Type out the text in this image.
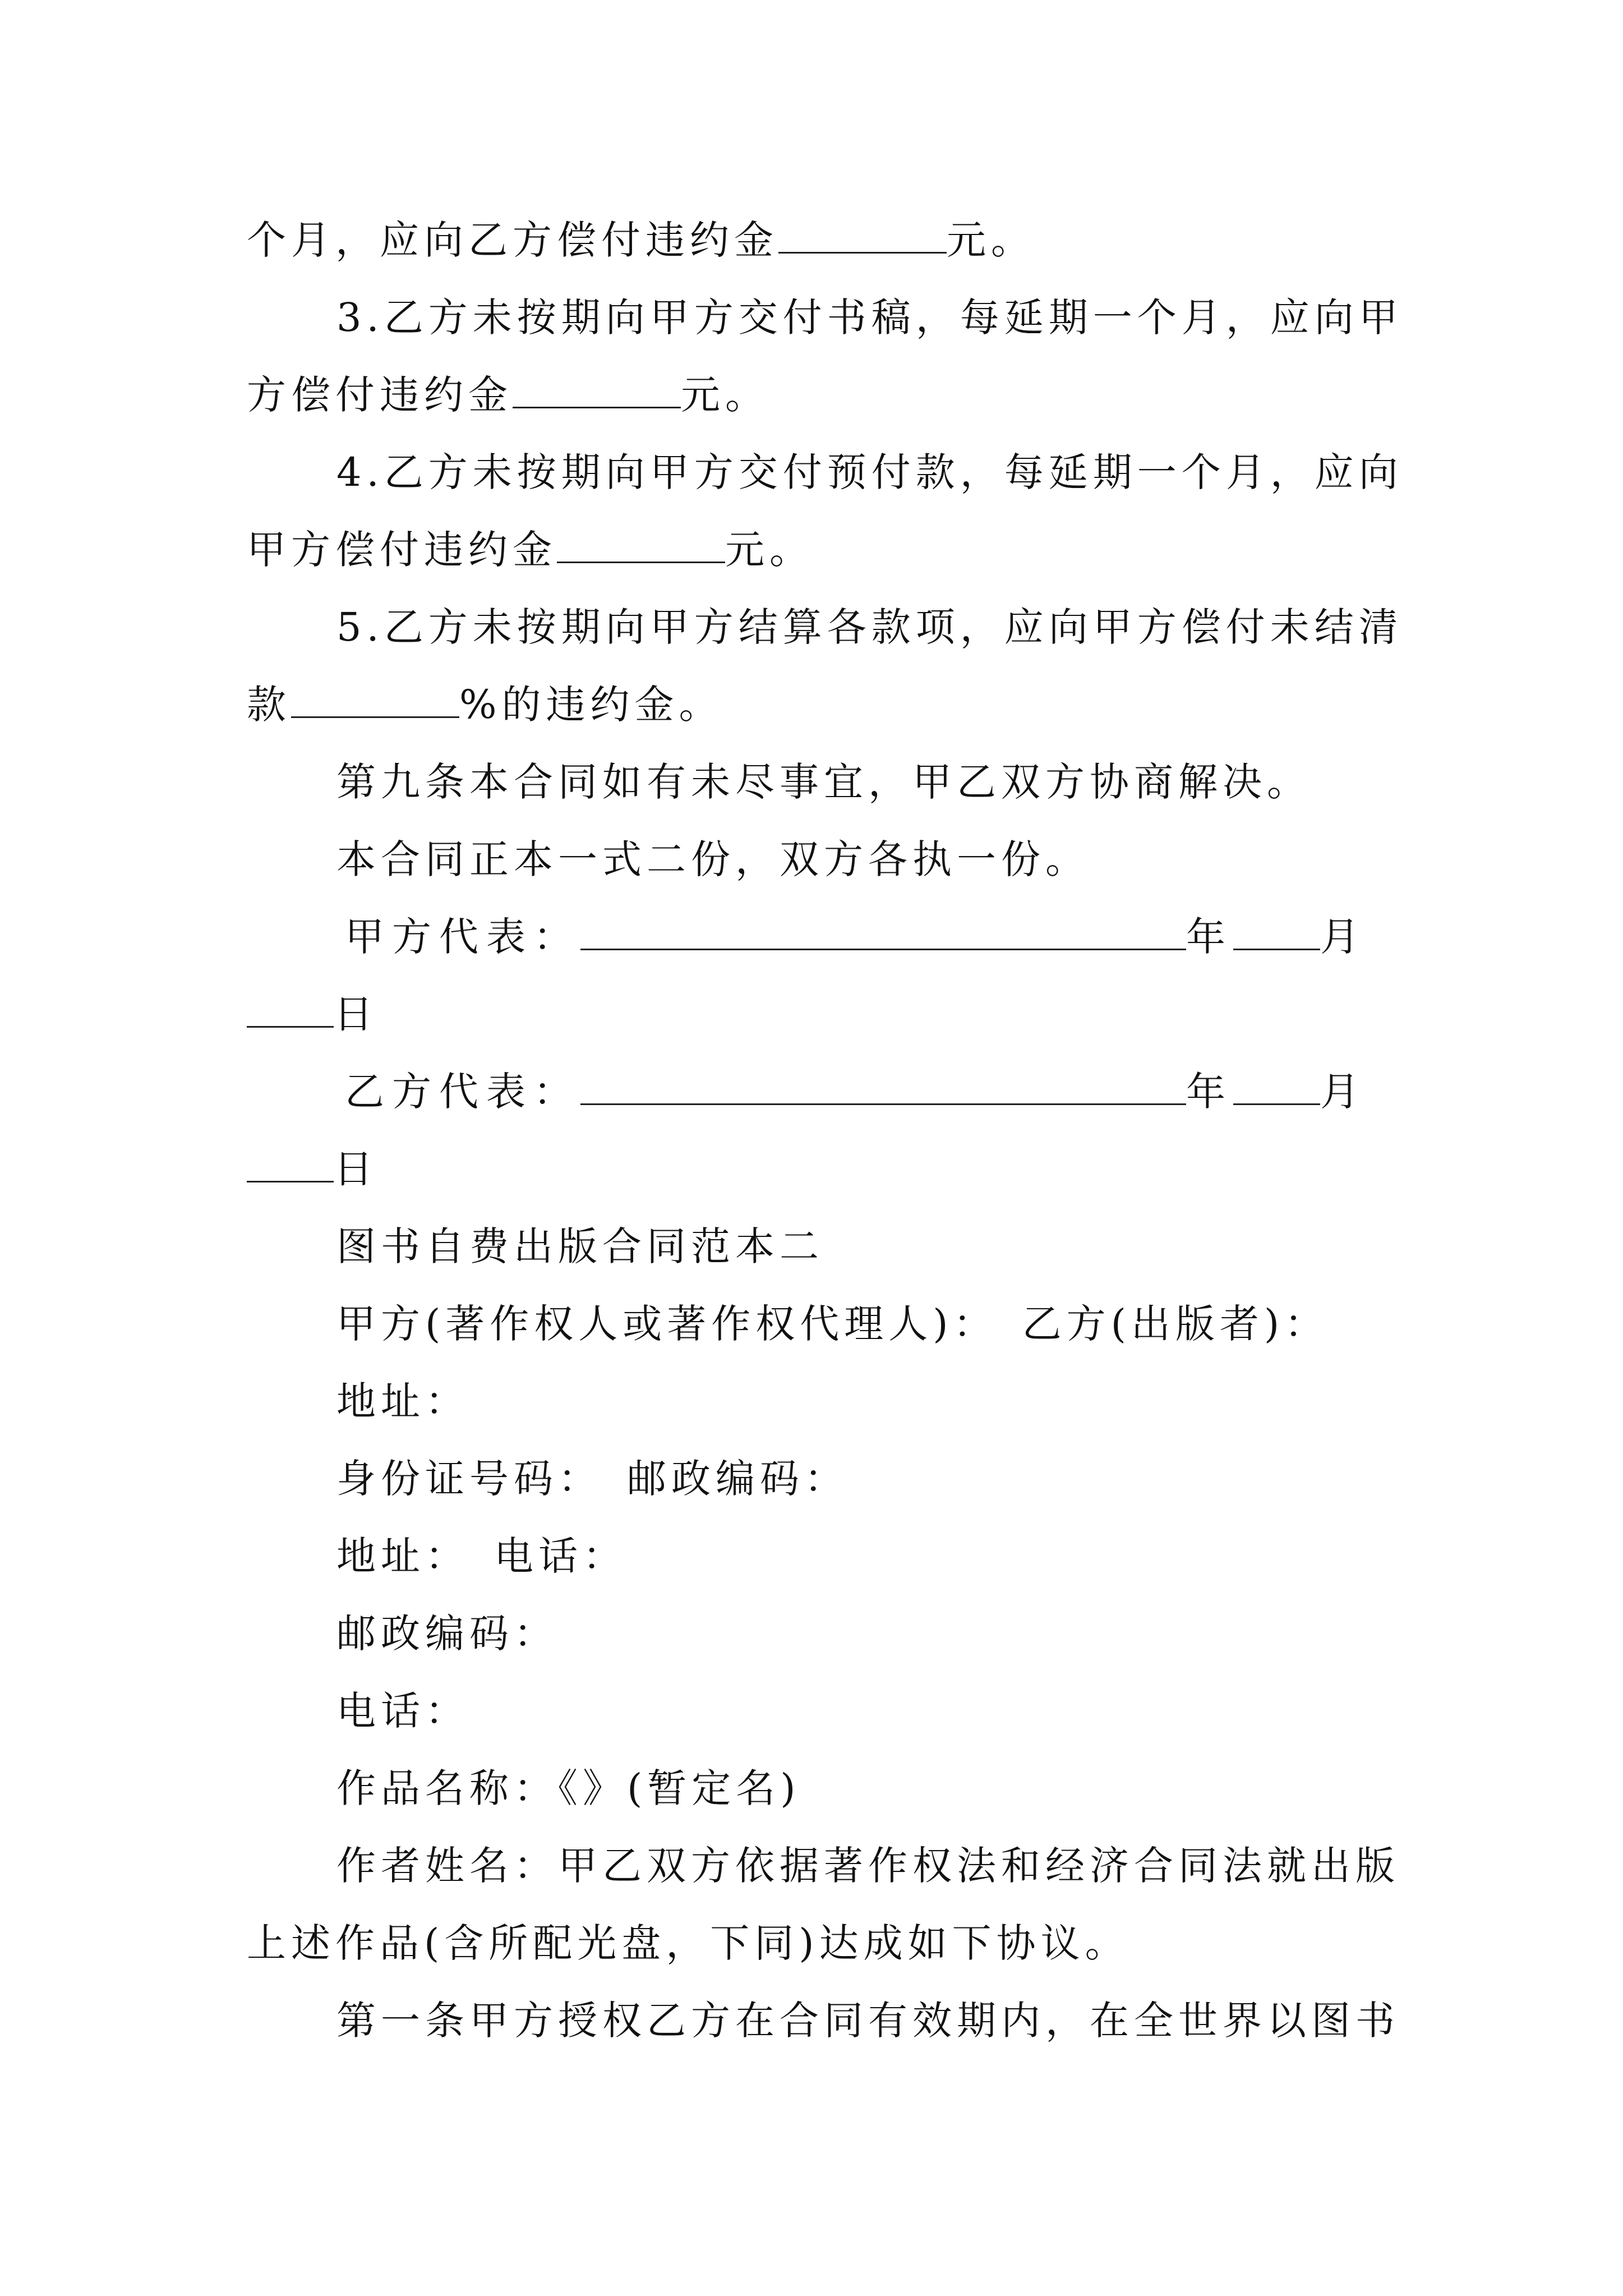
个月，应向乙方偿付违约金	元。
3.乙方未按期向甲方交付书稿，每延期一个月，应向甲
方偿付违约金	元。
4.乙方未按期向甲方交付预付款，每延期一个月，应向
甲方偿付违约金	元。
5.乙方未按期向甲方结算各款项，应向甲方偿付未结清
款	%的违约金。
第九条本合同如有未尽事宜，甲乙双方协商解决。
本合同正本一式二份，双方各执一份。
甲方代表：	年 月
日
乙方代表：	年 月
日
图书自费出版合同范本二
甲方(著作权人或著作权代理人)：　乙方(出版者)：
地址：
身份证号码：　邮政编码：
地址：　电话：
邮政编码：
电话：
作品名称：《》(暂定名)
作者姓名：甲乙双方依据著作权法和经济合同法就出版
上述作品(含所配光盘，下同)达成如下协议。
第一条甲方授权乙方在合同有效期内，在全世界以图书
